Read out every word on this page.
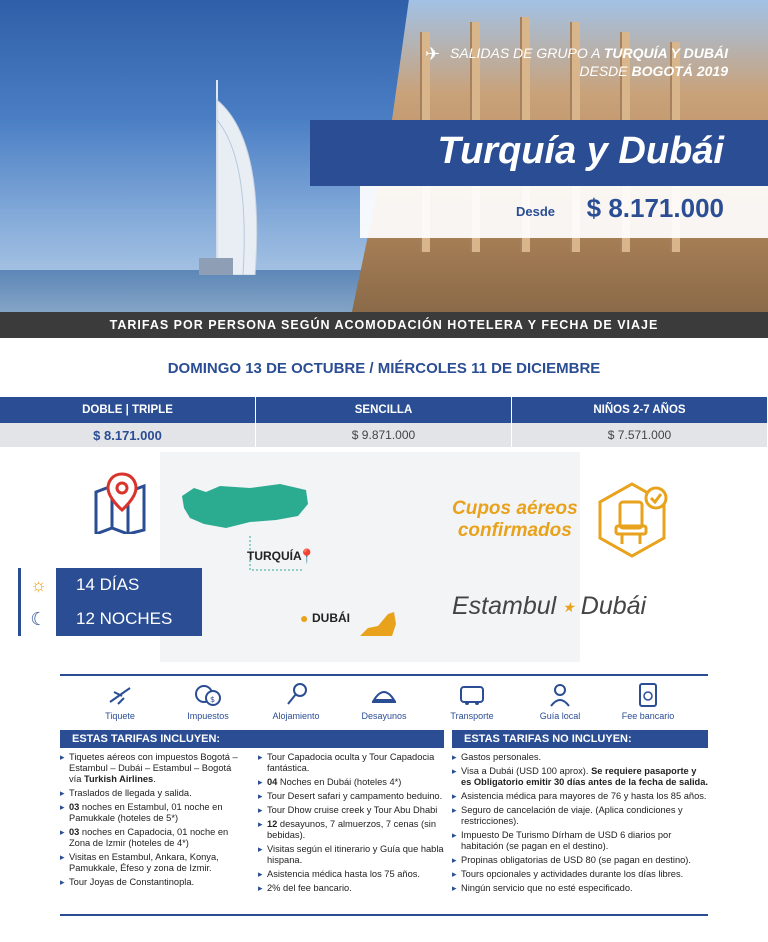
✈ SALIDAS DE GRUPO A TURQUÍA Y DUBÁI
DESDE BOGOTÁ 2019
Turquía y Dubái
Desde $ 8.171.000
TARIFAS POR PERSONA SEGÚN ACOMODACIÓN HOTELERA Y FECHA DE VIAJE
DOMINGO 13 DE OCTUBRE / MIÉRCOLES 11 DE DICIEMBRE
DOBLE | TRIPLE	SENCILLA	NIÑOS 2-7 AÑOS
$ 8.171.000	$ 9.871.000	$ 7.571.000
TURQUÍA
📍
DUBÁI
●
☼	14 DÍAS
☾	12 NOCHES
Cupos aéreos
confirmados
Estambul ★ Dubái
Tiquete
$
Impuestos	Alojamiento	Desayunos	Transporte	Guía local	Fee bancario
ESTAS TARIFAS INCLUYEN:	ESTAS TARIFAS NO INCLUYEN:
▸ Tiquetes aéreos con impuestos Bogotá – Estambul – Dubái – Estambul – Bogotá vía Turkish Airlines.
▸ Traslados de llegada y salida.
▸ 03 noches en Estambul, 01 noche en Pamukkale (hoteles de 5*)
▸ 03 noches en Capadocia, 01 noche en Zona de Izmir (hoteles de 4*)
▸ Visitas en Estambul, Ankara, Konya, Pamukkale, Éfeso y zona de Izmir.
▸ Tour Joyas de Constantinopla.
▸ Tour Capadocia oculta y Tour Capadocia fantástica.
▸ 04 Noches en Dubái (hoteles 4*)
▸ Tour Desert safari y campamento beduino.
▸ Tour Dhow cruise creek y Tour Abu Dhabi
▸ 12 desayunos, 7 almuerzos, 7 cenas (sin bebidas).
▸ Visitas según el itinerario y Guía que habla hispana.
▸ Asistencia médica hasta los 75 años.
▸ 2% del fee bancario.
▸ Gastos personales.
▸ Visa a Dubái (USD 100 aprox). Se requiere pasaporte y es Obligatorio emitir 30 días antes de la fecha de salida.
▸ Asistencia médica para mayores de 76 y hasta los 85 años.
▸ Seguro de cancelación de viaje. (Aplica condiciones y restricciones).
▸ Impuesto De Turismo Dírham de USD 6 diarios por habitación (se pagan en el destino).
▸ Propinas obligatorias de USD 80 (se pagan en destino).
▸ Tours opcionales y actividades durante los días libres.
▸ Ningún servicio que no esté especificado.
